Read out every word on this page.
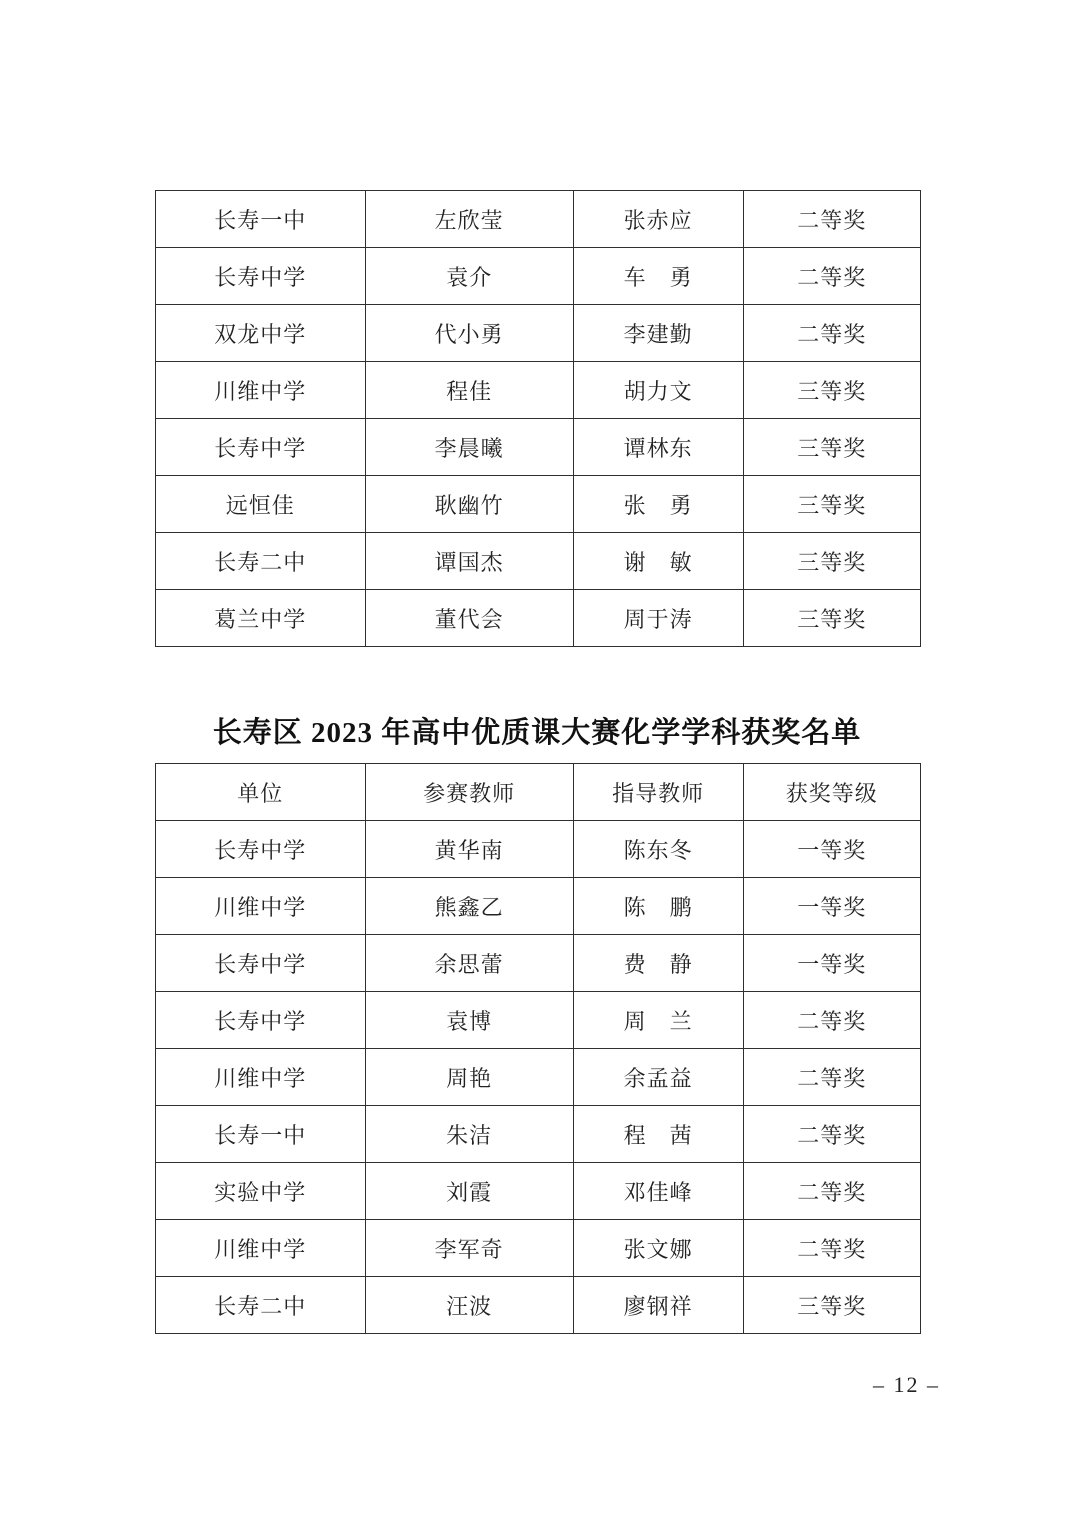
长寿一中	左欣莹	张赤应	二等奖
长寿中学	袁介	车　勇	二等奖
双龙中学	代小勇	李建勤	二等奖
川维中学	程佳	胡力文	三等奖
长寿中学	李晨曦	谭林东	三等奖
远恒佳	耿幽竹	张　勇	三等奖
长寿二中	谭国杰	谢　敏	三等奖
葛兰中学	董代会	周于涛	三等奖
长寿区 2023 年高中优质课大赛化学学科获奖名单
单位	参赛教师	指导教师	获奖等级
长寿中学	黄华南	陈东冬	一等奖
川维中学	熊鑫乙	陈　鹏	一等奖
长寿中学	余思蕾	费　静	一等奖
长寿中学	袁博	周　兰	二等奖
川维中学	周艳	余孟益	二等奖
长寿一中	朱洁	程　茜	二等奖
实验中学	刘霞	邓佳峰	二等奖
川维中学	李军奇	张文娜	二等奖
长寿二中	汪波	廖钢祥	三等奖
– 12 –
